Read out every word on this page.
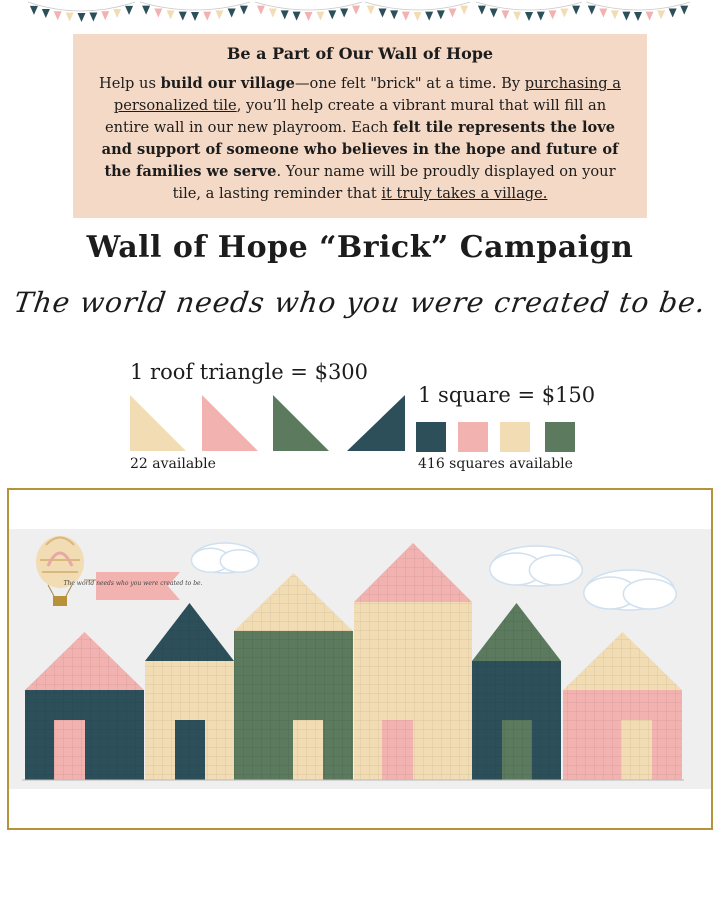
Be a Part of Our Wall of Hope

Help us build our village—one felt "brick" at a time. By purchasing a personalized tile, you’ll help create a vibrant mural that will fill an entire wall in our new playroom. Each felt tile represents the love and support of someone who believes in the hope and future of the families we serve. Your name will be proudly displayed on your tile, a lasting reminder that it truly takes a village.

Wall of Hope “Brick” Campaign
The world needs who you were created to be.
1 roof triangle = $300
1 square = $150
22 available	416 squares available
The world needs who you were created to be.
